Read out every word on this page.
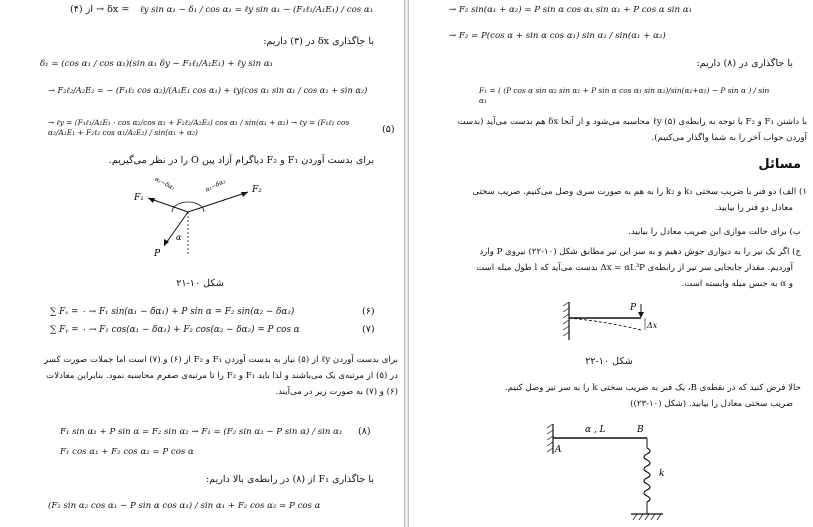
(۴) از → δx = ℓy sin α₁ − δ₁ / cos α₁ = ℓy sin α₁ − (F₁ℓ₁/A₁E₁) / cos α₁
با جاگذاری δx در (۳) داریم:
δ₁ = (cos α₁ / cos α₁)(sin α₁ δy − F₁ℓ₁/A₁E₁) + ℓy sin α₁
→ F₂ℓ₂/A₂E₂ = − (F₁ℓ₁ cos α₂)/(A₁E₁ cos α₁) + ℓy(cos α₁ sin α₁ / cos α₁ + sin α₂)
→ ℓy = (F₁ℓ₁/A₁E₁ · cos α₂/cos α₁ + F₂ℓ₂/A₂E₂) cos α₁ / sin(α₁ + α₂) → ℓy = (F₁ℓ₁ cos α₂/A₁E₁ + F₂ℓ₂ cos α₁/A₂E₂) / sin(α₁ + α₂)	(۵)
برای بدست آوردن F₁ و F₂ دیاگرام آزاد پین O را در نظر می‌گیریم.
F₁
F₂
P
α
α₁−δα₁	α₂−δα₂
شکل ۱۰-۲۱
∑ Fₓ = ۰ → F₁ sin(α₁ − δα₁) + P sin α = F₂ sin(α₂ − δα₂)	(۶)
∑ Fᵧ = ۰ → F₁ cos(α₁ − δα₁) + F₂ cos(α₂ − δα₂) = P cos α	(۷)
برای بدست آوردن ℓy از (۵) نیاز به بدست آوردن F₁ و F₂ از (۶) و (۷) است اما جملات صورت کسر
در (۵) از مرتبه‌ی یک می‌باشند و لذا باید F₁ و F₂ را تا مرتبه‌ی صفرم محاسبه نمود. بنابراین معادلات
(۶) و (۷) به صورت زیر در می‌آیند.
F₁ sin α₁ + P sin α = F₂ sin α₂ → F₁ = (F₂ sin α₂ − P sin α) / sin α₁ (۸)
F₁ cos α₁ + F₂ cos α₂ = P cos α
با جاگذاری F₁ از (۸) در رابطه‌ی بالا داریم:
(F₂ sin α₂ cos α₁ − P sin α cos α₁) / sin α₁ + F₂ cos α₂ = P cos α
→ F₂ sin(α₁ + α₂) = P sin α cos α₁ sin α₁ + P cos α sin α₁
→ F₂ = P(cos α + sin α cos α₁) sin α₁ / sin(α₁ + α₂)
با جاگذاری در (۸) داریم:
F₁ = ( (P cos α sin α₂ sin α₁ + P sin α cos α₁ sin α₂)/sin(α₁+α₂) − P sin α ) / sin α₁
با داشتن F₁ و F₂ با توجه به رابطه‌ی (۵) ℓy محاسبه می‌شود و از آنجا δx هم بدست می‌آید (بدست
آوردن جواب آخر را به شما واگذار می‌کنیم).
مسائل
۱) الف) دو فنر با ضریب سختی k₁ و k₂ را به هم به صورت سری وصل می‌کنیم. ضریب سختی
معادل دو فنر را بیابید.
ب) برای حالت موازی این ضریب معادل را بیابید.
ج) اگر یک تیر را به دیواری جوش دهیم و به سر این تیر مطابق شکل (۱۰-۲۲) نیروی P وارد
آوردیم. مقدار جابجایی سر تیر از رابطه‌ی Δx = αL³P بدست می‌آید که l طول میله است
و α به جنس میله وابسته است.
P
Δx
شکل ۱۰-۲۲
حالا فرض کنید که در نقطه‌ی B، یک فنر به ضریب سختی k را به سر تیر وصل کنیم.
ضریب سختی معادل را بیابید. (شکل (۱۰-۲۳))
A
B
α , L
k
